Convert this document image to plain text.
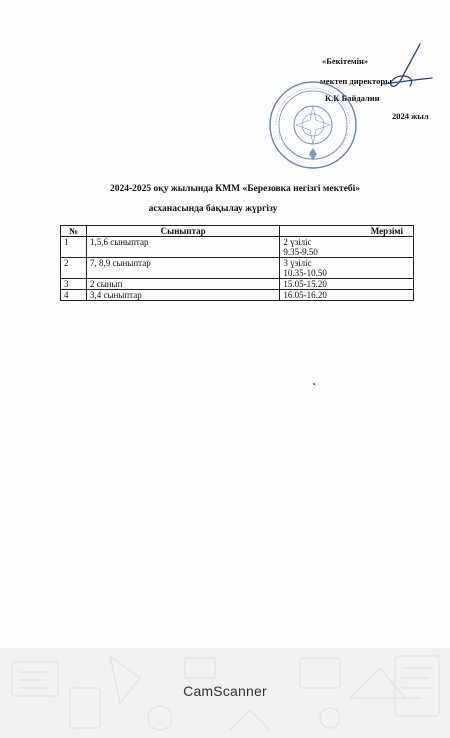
«Бекітемін»
мектеп директоры
К.К Байдалин
2024 жыл
2024-2025 оқу жылында КММ «Березовка негізгі мектебі»
асханасында бақылау жүргізу
№	Сыныптар	Мерзімі
1	1,5,6 сыныптар	2 үзіліс
9.35-9.50

2	7, 8,9 сыныптар	3 үзіліс
10.35-10.50

3	2 сынып	15.05-15.20

4	3,4 сыныптар	16.05-16.20
CamScanner
